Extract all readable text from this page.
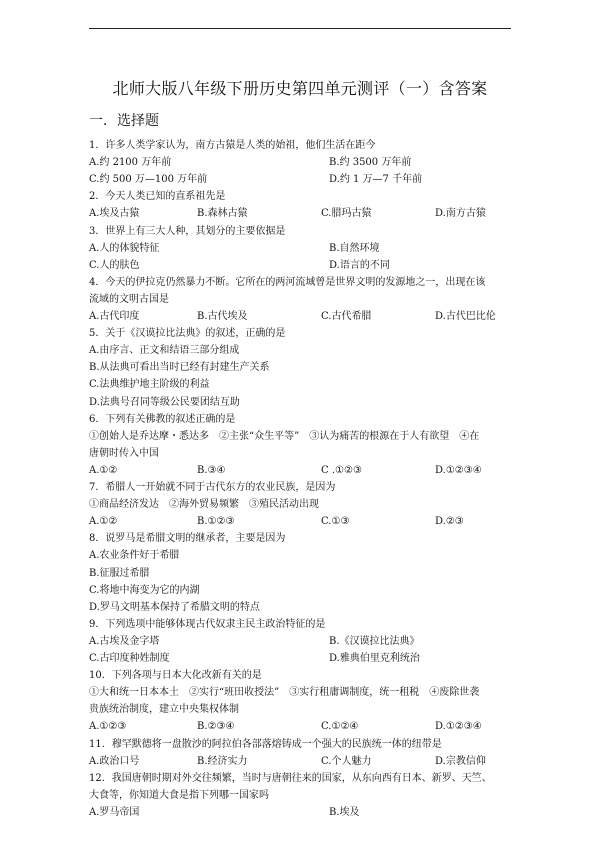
北师大版八年级下册历史第四单元测评（一）含答案
一．选择题
1．许多人类学家认为，南方古猿是人类的始祖，他们生活在距今
A.约 2100 万年前	B.约 3500 万年前
C.约 500 万—100 万年前	D.约 1 万—7 千年前
2．今天人类已知的直系祖先是
A.埃及古猿	B.森林古猿	C.腊玛古猿	D.南方古猿
3．世界上有三大人种，其划分的主要依据是
A.人的体貌特征	B.自然环境
C.人的肤色	D.语言的不同
4．今天的伊拉克仍然暴力不断。它所在的两河流域曾是世界文明的发源地之一，出现在该
流域的文明古国是
A.古代印度	B.古代埃及	C.古代希腊	D.古代巴比伦
5．关于《汉谟拉比法典》的叙述，正确的是
A.由序言、正文和结语三部分组成
B.从法典可看出当时已经有封建生产关系
C.法典维护地主阶级的利益
D.法典号召同等级公民要团结互助
6．下列有关佛教的叙述正确的是
①创始人是乔达摩・悉达多　②主张“众生平等”　③认为痛苦的根源在于人有欲望　④在
唐朝时传入中国
A.①②	B.③④	C .①②③	D.①②③④
7．希腊人一开始就不同于古代东方的农业民族，是因为
①商品经济发达　②海外贸易频繁　③殖民活动出现
A.①②	B.①②③	C.①③	D.②③
8．说罗马是希腊文明的继承者，主要是因为
A.农业条件好于希腊
B.征服过希腊
C.将地中海变为它的内湖
D.罗马文明基本保持了希腊文明的特点
9．下列选项中能够体现古代奴隶主民主政治特征的是
A.古埃及金字塔	B.《汉谟拉比法典》
C.古印度种姓制度	D.雅典伯里克利统治
10．下列各项与日本大化改新有关的是
①大和统一日本本土　②实行“班田收授法”　③实行租庸调制度，统一租税　④废除世袭
贵族统治制度，建立中央集权体制
A.①②③	B.②③④	C.①②④	D.①②③④
11．穆罕默德将一盘散沙的阿拉伯各部落熔铸成一个强大的民族统一体的纽带是
A.政治口号	B.经济实力	C.个人魅力	D.宗教信仰
12．我国唐朝时期对外交往频繁，当时与唐朝往来的国家，从东向西有日本、新罗、天竺、
大食等，你知道大食是指下列哪一国家吗
A.罗马帝国	B.埃及
